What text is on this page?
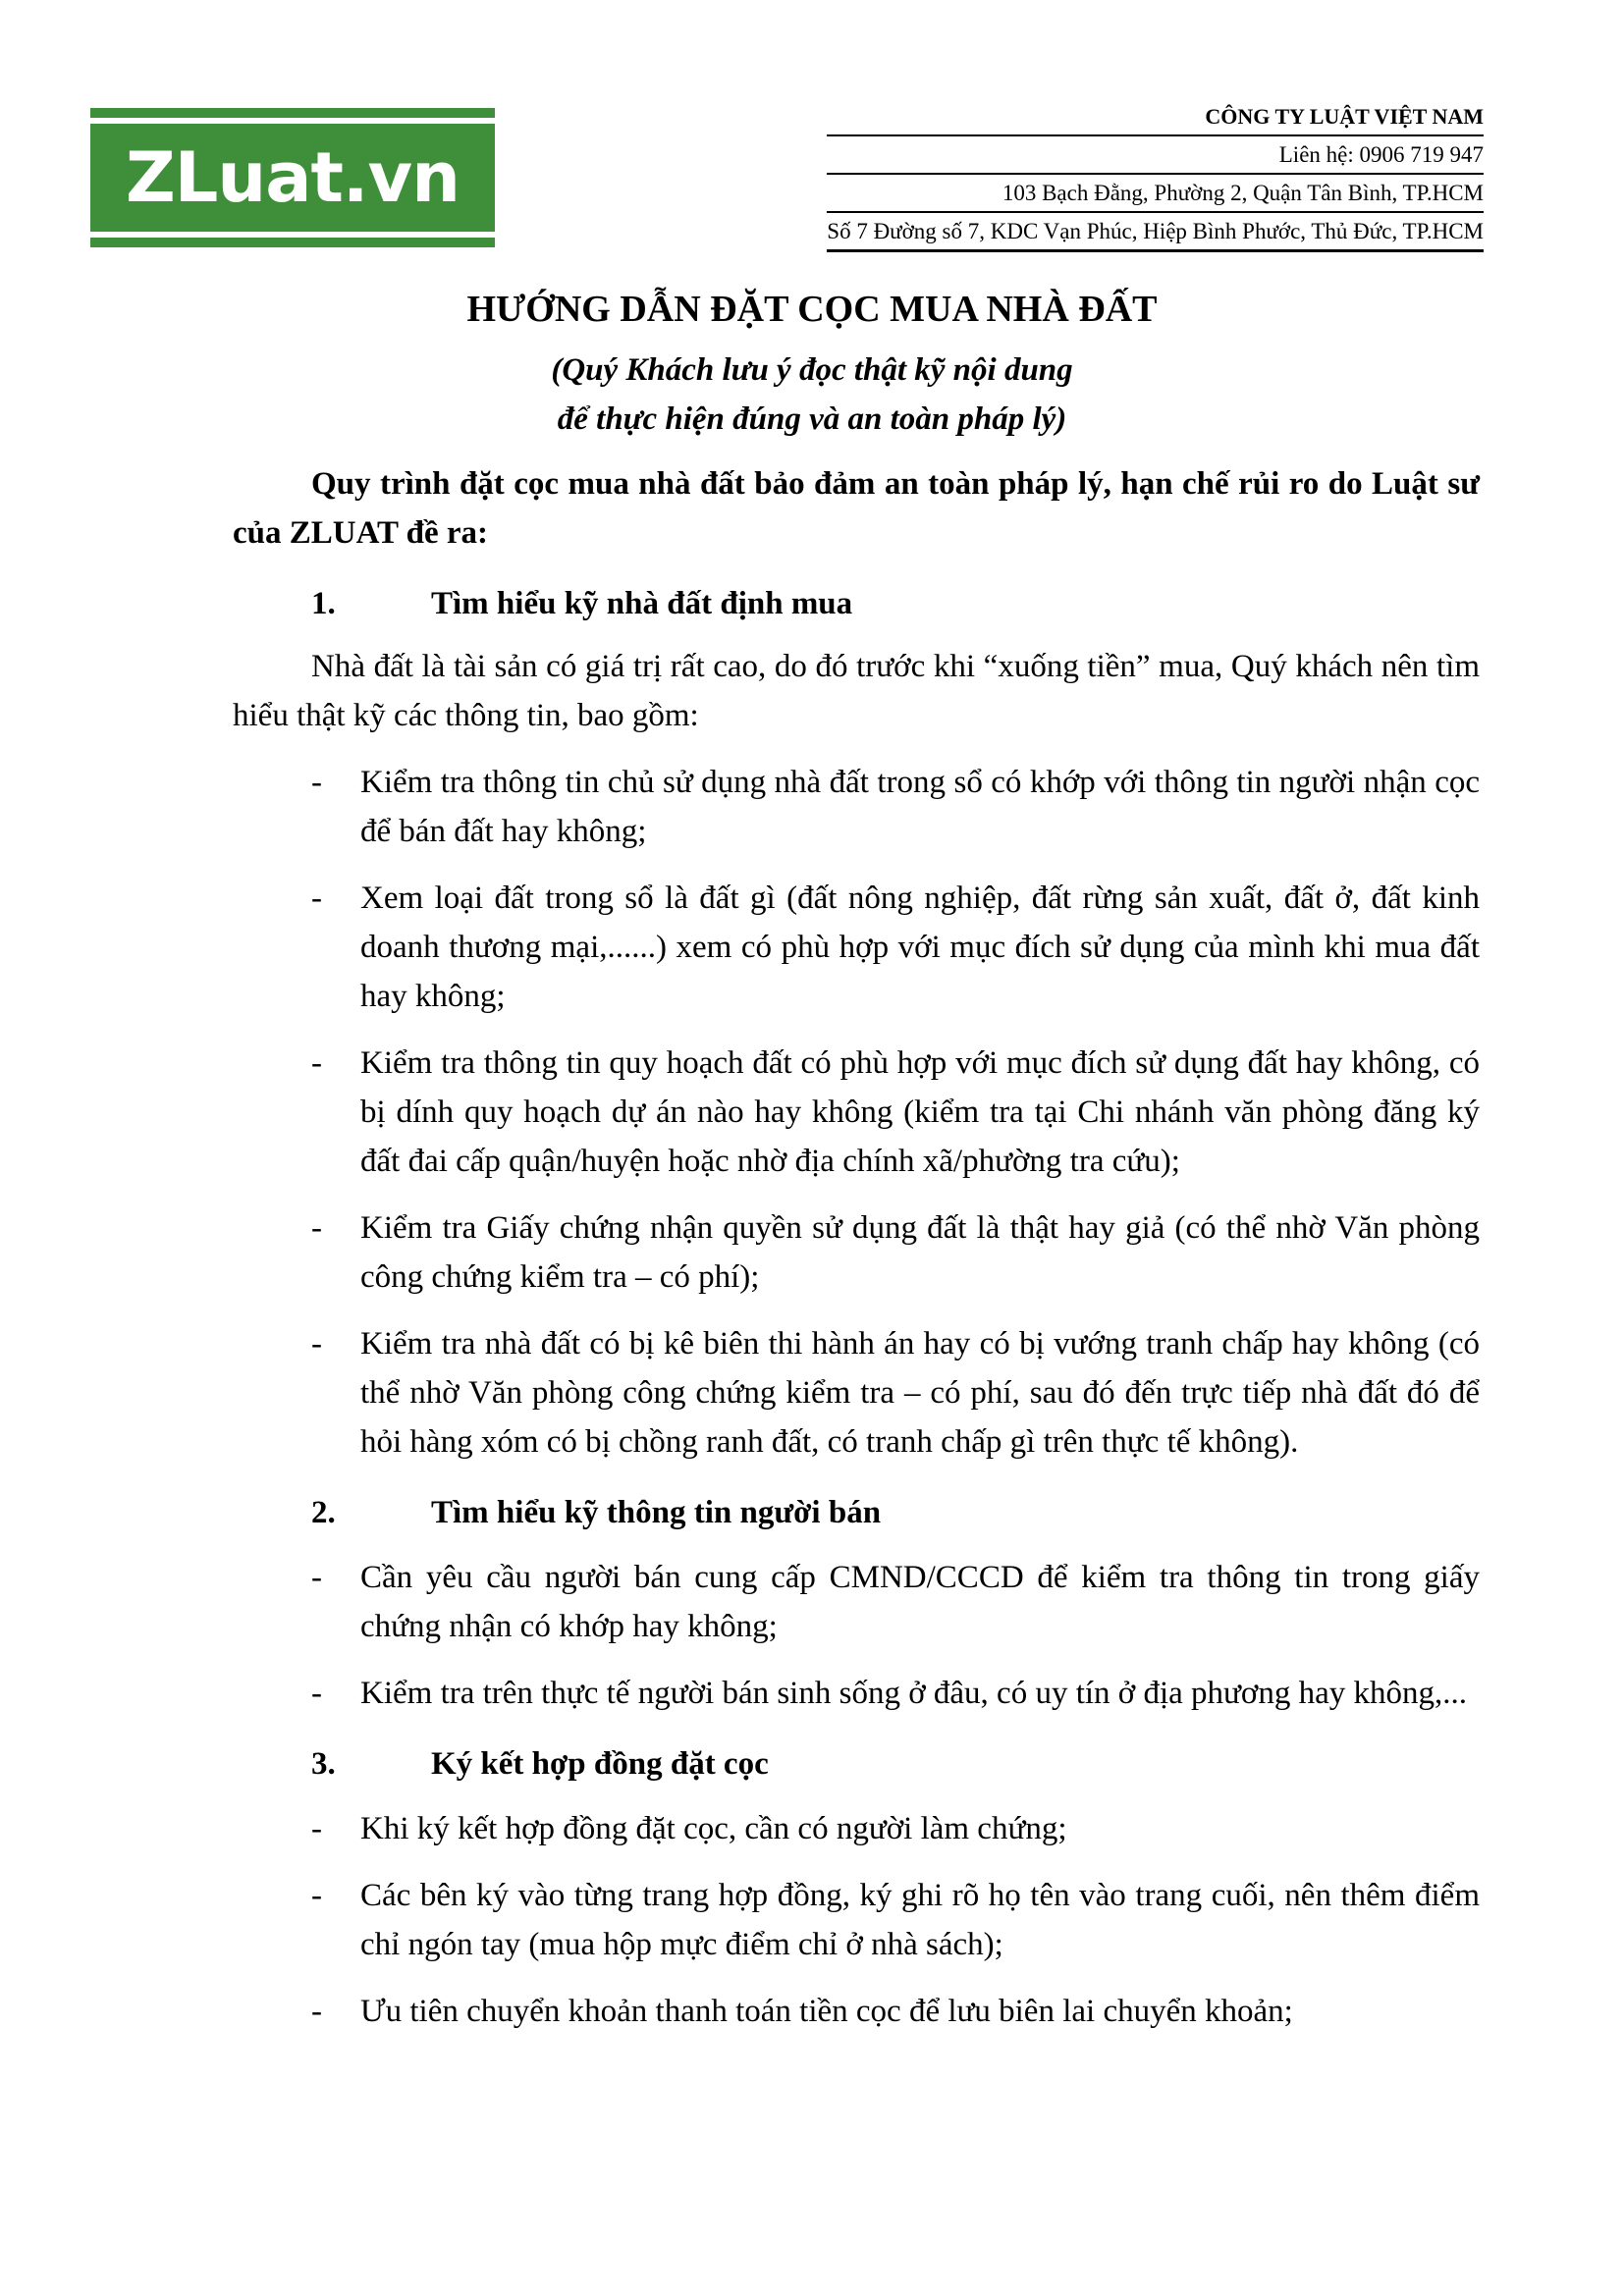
ZLuat.vn
CÔNG TY LUẬT VIỆT NAM
Liên hệ: 0906 719 947
103 Bạch Đằng, Phường 2, Quận Tân Bình, TP.HCM
Số 7 Đường số 7, KDC Vạn Phúc, Hiệp Bình Phước, Thủ Đức, TP.HCM
HƯỚNG DẪN ĐẶT CỌC MUA NHÀ ĐẤT
(Quý Khách lưu ý đọc thật kỹ nội dung
để thực hiện đúng và an toàn pháp lý)

Quy trình đặt cọc mua nhà đất bảo đảm an toàn pháp lý, hạn chế rủi ro do Luật sư của ZLUAT đề ra:

1.	Tìm hiểu kỹ nhà đất định mua

Nhà đất là tài sản có giá trị rất cao, do đó trước khi “xuống tiền” mua, Quý khách nên tìm hiểu thật kỹ các thông tin, bao gồm:

- Kiểm tra thông tin chủ sử dụng nhà đất trong sổ có khớp với thông tin người nhận cọc để bán đất hay không;
- Xem loại đất trong sổ là đất gì (đất nông nghiệp, đất rừng sản xuất, đất ở, đất kinh doanh thương mại,......) xem có phù hợp với mục đích sử dụng của mình khi mua đất hay không;
- Kiểm tra thông tin quy hoạch đất có phù hợp với mục đích sử dụng đất hay không, có bị dính quy hoạch dự án nào hay không (kiểm tra tại Chi nhánh văn phòng đăng ký đất đai cấp quận/huyện hoặc nhờ địa chính xã/phường tra cứu);
- Kiểm tra Giấy chứng nhận quyền sử dụng đất là thật hay giả (có thể nhờ Văn phòng công chứng kiểm tra – có phí);
- Kiểm tra nhà đất có bị kê biên thi hành án hay có bị vướng tranh chấp hay không (có thể nhờ Văn phòng công chứng kiểm tra – có phí, sau đó đến trực tiếp nhà đất đó để hỏi hàng xóm có bị chồng ranh đất, có tranh chấp gì trên thực tế không).
2.	Tìm hiểu kỹ thông tin người bán
- Cần yêu cầu người bán cung cấp CMND/CCCD để kiểm tra thông tin trong giấy chứng nhận có khớp hay không;
- Kiểm tra trên thực tế người bán sinh sống ở đâu, có uy tín ở địa phương hay không,...
3.	Ký kết hợp đồng đặt cọc
- Khi ký kết hợp đồng đặt cọc, cần có người làm chứng;
- Các bên ký vào từng trang hợp đồng, ký ghi rõ họ tên vào trang cuối, nên thêm điểm chỉ ngón tay (mua hộp mực điểm chỉ ở nhà sách);
- Ưu tiên chuyển khoản thanh toán tiền cọc để lưu biên lai chuyển khoản;
